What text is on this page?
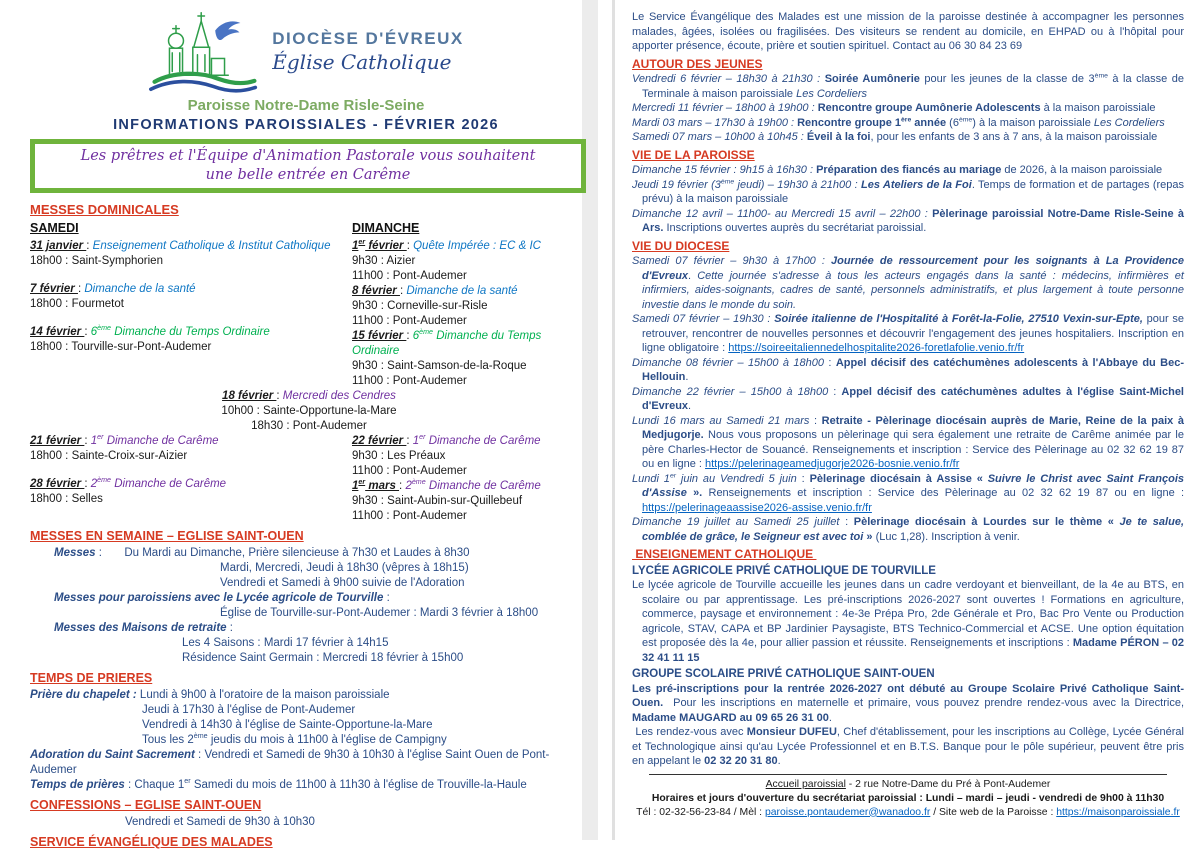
DIOCÈSE D'ÉVREUX
Église Catholique
Paroisse Notre-Dame Risle-Seine
INFORMATIONS PAROISSIALES - FÉVRIER 2026
Les prêtres et l'Équipe d'Animation Pastorale vous souhaitent
une belle entrée en Carême
MESSES DOMINICALES
SAMEDI
31 janvier : Enseignement Catholique & Institut Catholique
18h00 : Saint-Symphorien
7 février : Dimanche de la santé
18h00 : Fourmetot
14 février : 6ème Dimanche du Temps Ordinaire
18h00 : Tourville-sur-Pont-Audemer
DIMANCHE
1er février : Quête Impérée : EC & IC
9h30 : Aizier
11h00 : Pont-Audemer
8 février : Dimanche de la santé
9h30 : Corneville-sur-Risle
11h00 : Pont-Audemer
15 février : 6ème Dimanche du Temps Ordinaire
9h30 : Saint-Samson-de-la-Roque
11h00 : Pont-Audemer
18 février : Mercredi des Cendres
10h00 : Sainte-Opportune-la-Mare
18h30 : Pont-Audemer
21 février : 1er Dimanche de Carême
18h00 : Sainte-Croix-sur-Aizier
28 février : 2ème Dimanche de Carême
18h00 : Selles
22 février : 1er Dimanche de Carême
9h30 : Les Préaux
11h00 : Pont-Audemer
1er mars : 2ème Dimanche de Carême
9h30 : Saint-Aubin-sur-Quillebeuf
11h00 : Pont-Audemer
MESSES EN SEMAINE – EGLISE SAINT-OUEN
Messes :       Du Mardi au Dimanche, Prière silencieuse à 7h30 et Laudes à 8h30
Mardi, Mercredi, Jeudi à 18h30 (vêpres à 18h15)
Vendredi et Samedi à 9h00 suivie de l'Adoration
Messes pour paroissiens avec le Lycée agricole de Tourville :
Église de Tourville-sur-Pont-Audemer : Mardi 3 février à 18h00
Messes des Maisons de retraite :
Les 4 Saisons : Mardi 17 février à 14h15
Résidence Saint Germain : Mercredi 18 février à 15h00
TEMPS DE PRIERES
Prière du chapelet : Lundi à 9h00 à l'oratoire de la maison paroissiale
Jeudi à 17h30 à l'église de Pont-Audemer
Vendredi à 14h30 à l'église de Sainte-Opportune-la-Mare
Tous les 2ème jeudis du mois à 11h00 à l'église de Campigny
Adoration du Saint Sacrement : Vendredi et Samedi de 9h30 à 10h30 à l'église Saint Ouen de Pont-Audemer
Temps de prières : Chaque 1er Samedi du mois de 11h00 à 11h30 à l'église de Trouville-la-Haule
CONFESSIONS – EGLISE SAINT-OUEN
Vendredi et Samedi de 9h30 à 10h30
SERVICE ÉVANGÉLIQUE DES MALADES
Le Service Évangélique des Malades est une mission de la paroisse destinée à accompagner les personnes malades, âgées, isolées ou fragilisées. Des visiteurs se rendent au domicile, en EHPAD ou à l'hôpital pour apporter présence, écoute, prière et soutien spirituel. Contact au 06 30 84 23 69
AUTOUR DES JEUNES
Vendredi 6 février – 18h30 à 21h30 : Soirée Aumônerie pour les jeunes de la classe de 3ème à la classe de Terminale à maison paroissiale Les Cordeliers
Mercredi 11 février – 18h00 à 19h00 : Rencontre groupe Aumônerie Adolescents à la maison paroissiale
Mardi 03 mars – 17h30 à 19h00 : Rencontre groupe 1ère année (6ème) à la maison paroissiale Les Cordeliers
Samedi 07 mars – 10h00 à 10h45 : Éveil à la foi, pour les enfants de 3 ans à 7 ans, à la maison paroissiale
VIE DE LA PAROISSE
Dimanche 15 février : 9h15 à 16h30 : Préparation des fiancés au mariage de 2026, à la maison paroissiale
Jeudi 19 février (3ème jeudi) – 19h30 à 21h00 : Les Ateliers de la Foi. Temps de formation et de partages (repas prévu) à la maison paroissiale
Dimanche 12 avril – 11h00- au Mercredi 15 avril – 22h00 : Pèlerinage paroissial Notre-Dame Risle-Seine à Ars. Inscriptions ouvertes auprès du secrétariat paroissial.
VIE DU DIOCESE
Samedi 07 février – 9h30 à 17h00 : Journée de ressourcement pour les soignants à La Providence d'Evreux. Cette journée s'adresse à tous les acteurs engagés dans la santé : médecins, infirmières et infirmiers, aides-soignants, cadres de santé, personnels administratifs, et plus largement à toute personne investie dans le monde du soin.
Samedi 07 février – 19h30 : Soirée italienne de l'Hospitalité à Forêt-la-Folie, 27510 Vexin-sur-Epte, pour se retrouver, rencontrer de nouvelles personnes et découvrir l'engagement des jeunes hospitaliers. Inscription en ligne obligatoire : https://soireeitaliennedelhospitalite2026-foretlafolie.venio.fr/fr
Dimanche 08 février – 15h00 à 18h00 : Appel décisif des catéchumènes adolescents à l'Abbaye du Bec-Hellouin.
Dimanche 22 février – 15h00 à 18h00 : Appel décisif des catéchumènes adultes à l'église Saint-Michel d'Evreux.
Lundi 16 mars au Samedi 21 mars : Retraite - Pèlerinage diocésain auprès de Marie, Reine de la paix à Medjugorje. Nous vous proposons un pèlerinage qui sera également une retraite de Carême animée par le père Charles-Hector de Souancé. Renseignements et inscription : Service des Pèlerinage au 02 32 62 19 87 ou en ligne : https://pelerinageamedjugorje2026-bosnie.venio.fr/fr
Lundi 1er juin au Vendredi 5 juin : Pèlerinage diocésain à Assise « Suivre le Christ avec Saint François d'Assise ». Renseignements et inscription : Service des Pèlerinage au 02 32 62 19 87 ou en ligne : https://pelerinageaassise2026-assise.venio.fr/fr
Dimanche 19 juillet au Samedi 25 juillet : Pèlerinage diocésain à Lourdes sur le thème « Je te salue, comblée de grâce, le Seigneur est avec toi » (Luc 1,28). Inscription à venir.
ENSEIGNEMENT CATHOLIQUE
LYCÉE AGRICOLE PRIVÉ CATHOLIQUE DE TOURVILLE
Le lycée agricole de Tourville accueille les jeunes dans un cadre verdoyant et bienveillant, de la 4e au BTS, en scolaire ou par apprentissage. Les pré-inscriptions 2026-2027 sont ouvertes ! Formations en agriculture, commerce, paysage et environnement : 4e-3e Prépa Pro, 2de Générale et Pro, Bac Pro Vente ou Production agricole, STAV, CAPA et BP Jardinier Paysagiste, BTS Technico-Commercial et ACSE. Une option équitation est proposée dès la 4e, pour allier passion et réussite. Renseignements et inscriptions : Madame PÉRON – 02 32 41 11 15
GROUPE SCOLAIRE PRIVÉ CATHOLIQUE SAINT-OUEN
Les pré-inscriptions pour la rentrée 2026-2027 ont débuté au Groupe Scolaire Privé Catholique Saint-Ouen.  Pour les inscriptions en maternelle et primaire, vous pouvez prendre rendez-vous avec la Directrice, Madame MAUGARD au 09 65 26 31 00.
Les rendez-vous avec Monsieur DUFEU, Chef d'établissement, pour les inscriptions au Collège, Lycée Général et Technologique ainsi qu'au Lycée Professionnel et en B.T.S. Banque pour le pôle supérieur, peuvent être pris en appelant le 02 32 20 31 80.
Accueil paroissial - 2 rue Notre-Dame du Pré à Pont-Audemer
Horaires et jours d'ouverture du secrétariat paroissial : Lundi – mardi – jeudi - vendredi de 9h00 à 11h30
Tél : 02-32-56-23-84 / Mèl : paroisse.pontaudemer@wanadoo.fr / Site web de la Paroisse : https://maisonparoissiale.fr
